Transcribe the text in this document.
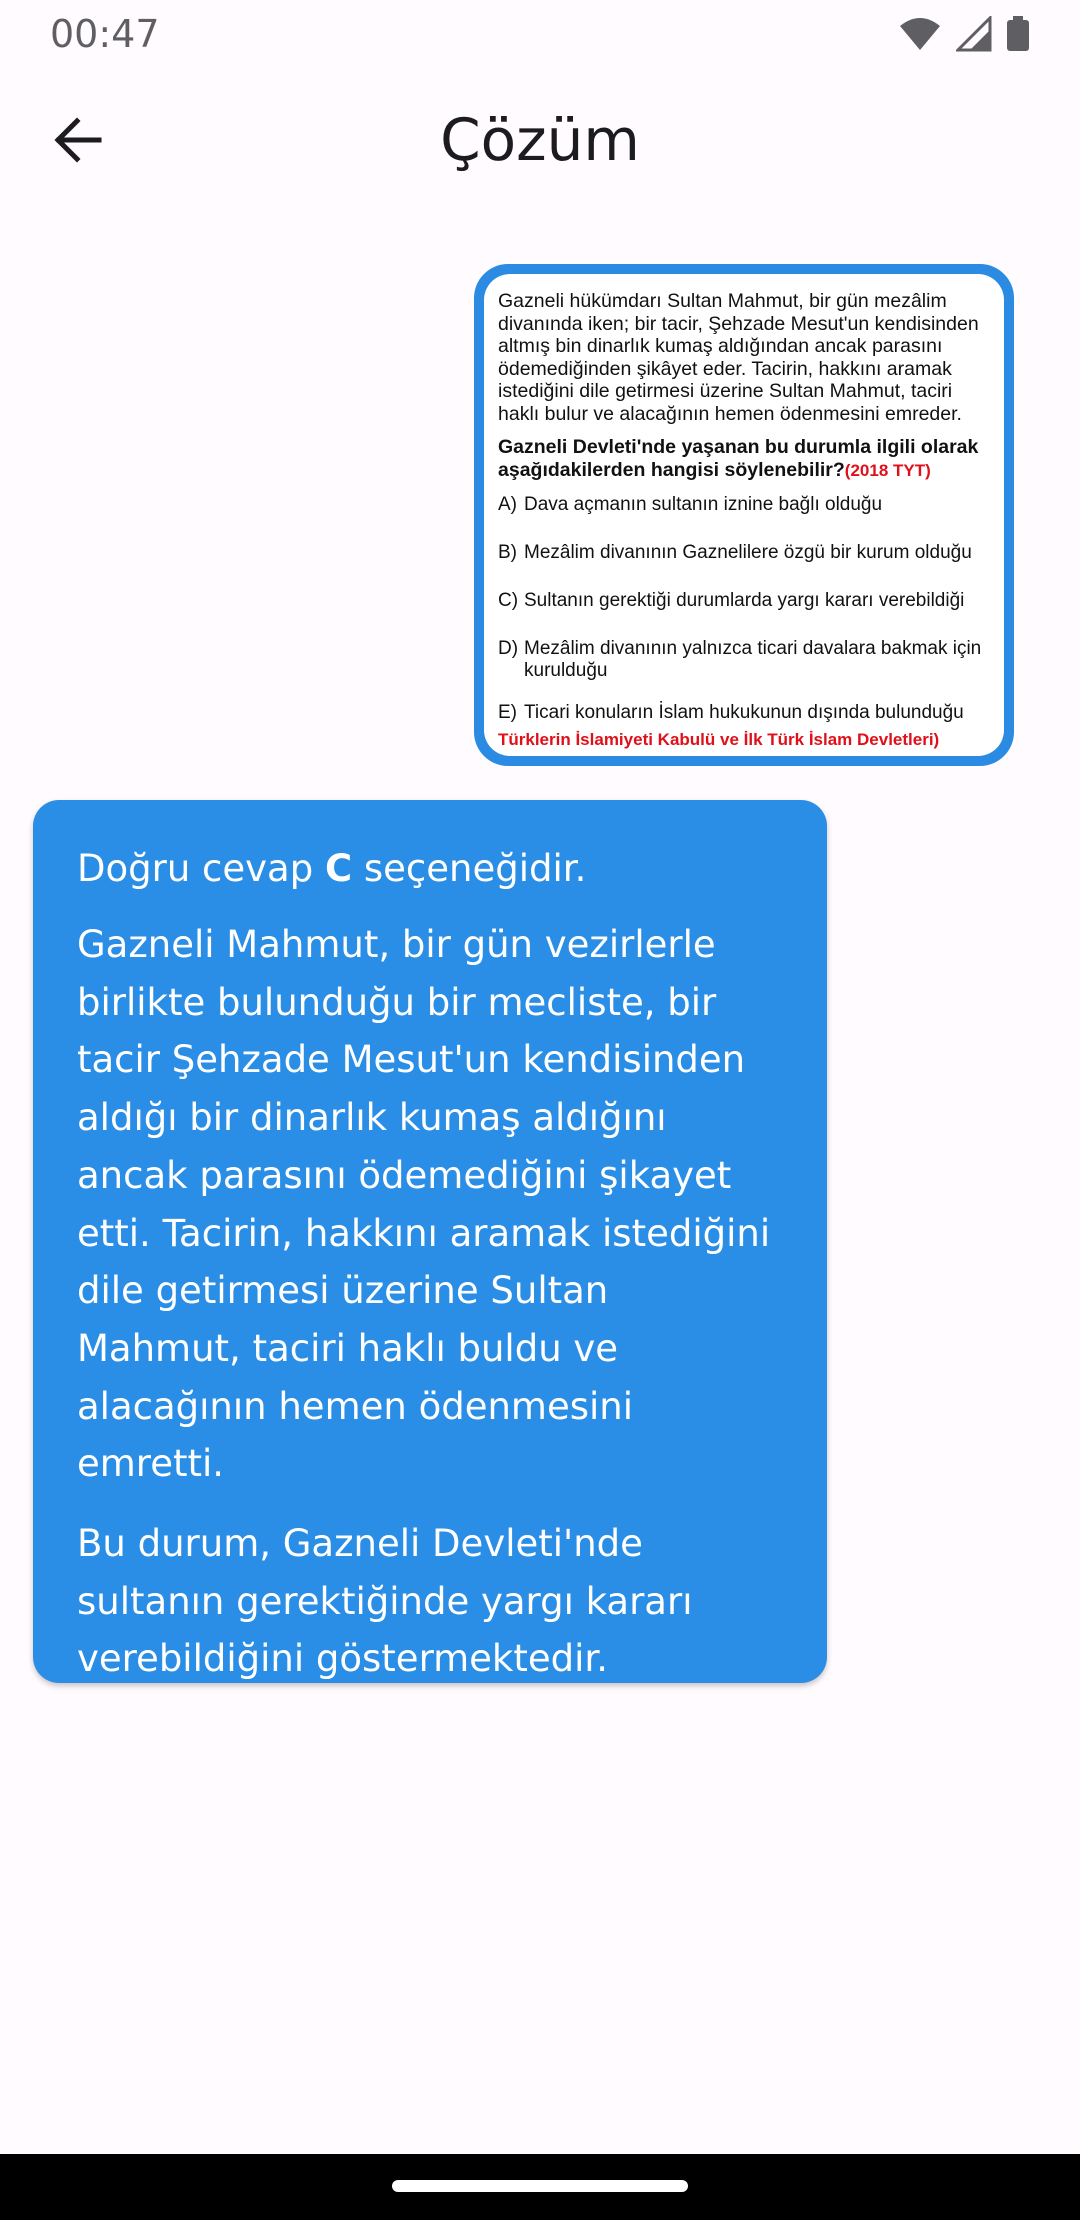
00:47
Çözüm
Gazneli hükümdarı Sultan Mahmut, bir gün mezâlim divanında iken; bir tacir, Şehzade Mesut'un kendisinden altmış bin dinarlık kumaş aldığından ancak parasını ödemediğinden şikâyet eder. Tacirin, hakkını aramak istediğini dile getirmesi üzerine Sultan Mahmut, taciri haklı bulur ve alacağının hemen ödenmesini emreder.
Gazneli Devleti'nde yaşanan bu durumla ilgili olarak aşağıdakilerden hangisi söylenebilir?(2018 TYT)
A) Dava açmanın sultanın iznine bağlı olduğu
B) Mezâlim divanının Gaznelilere özgü bir kurum olduğu
C) Sultanın gerektiği durumlarda yargı kararı verebildiği
D) Mezâlim divanının yalnızca ticari davalara bakmak için kurulduğu
E) Ticari konuların İslam hukukunun dışında bulunduğu
Türklerin İslamiyeti Kabulü ve İlk Türk İslam Devletleri)

Doğru cevap C seçeneğidir.

Gazneli Mahmut, bir gün vezirlerle birlikte bulunduğu bir mecliste, bir tacir Şehzade Mesut'un kendisinden aldığı bir dinarlık kumaş aldığını ancak parasını ödemediğini şikayet etti. Tacirin, hakkını aramak istediğini dile getirmesi üzerine Sultan Mahmut, taciri haklı buldu ve alacağının hemen ödenmesini emretti.

Bu durum, Gazneli Devleti'nde sultanın gerektiğinde yargı kararı verebildiğini göstermektedir.
